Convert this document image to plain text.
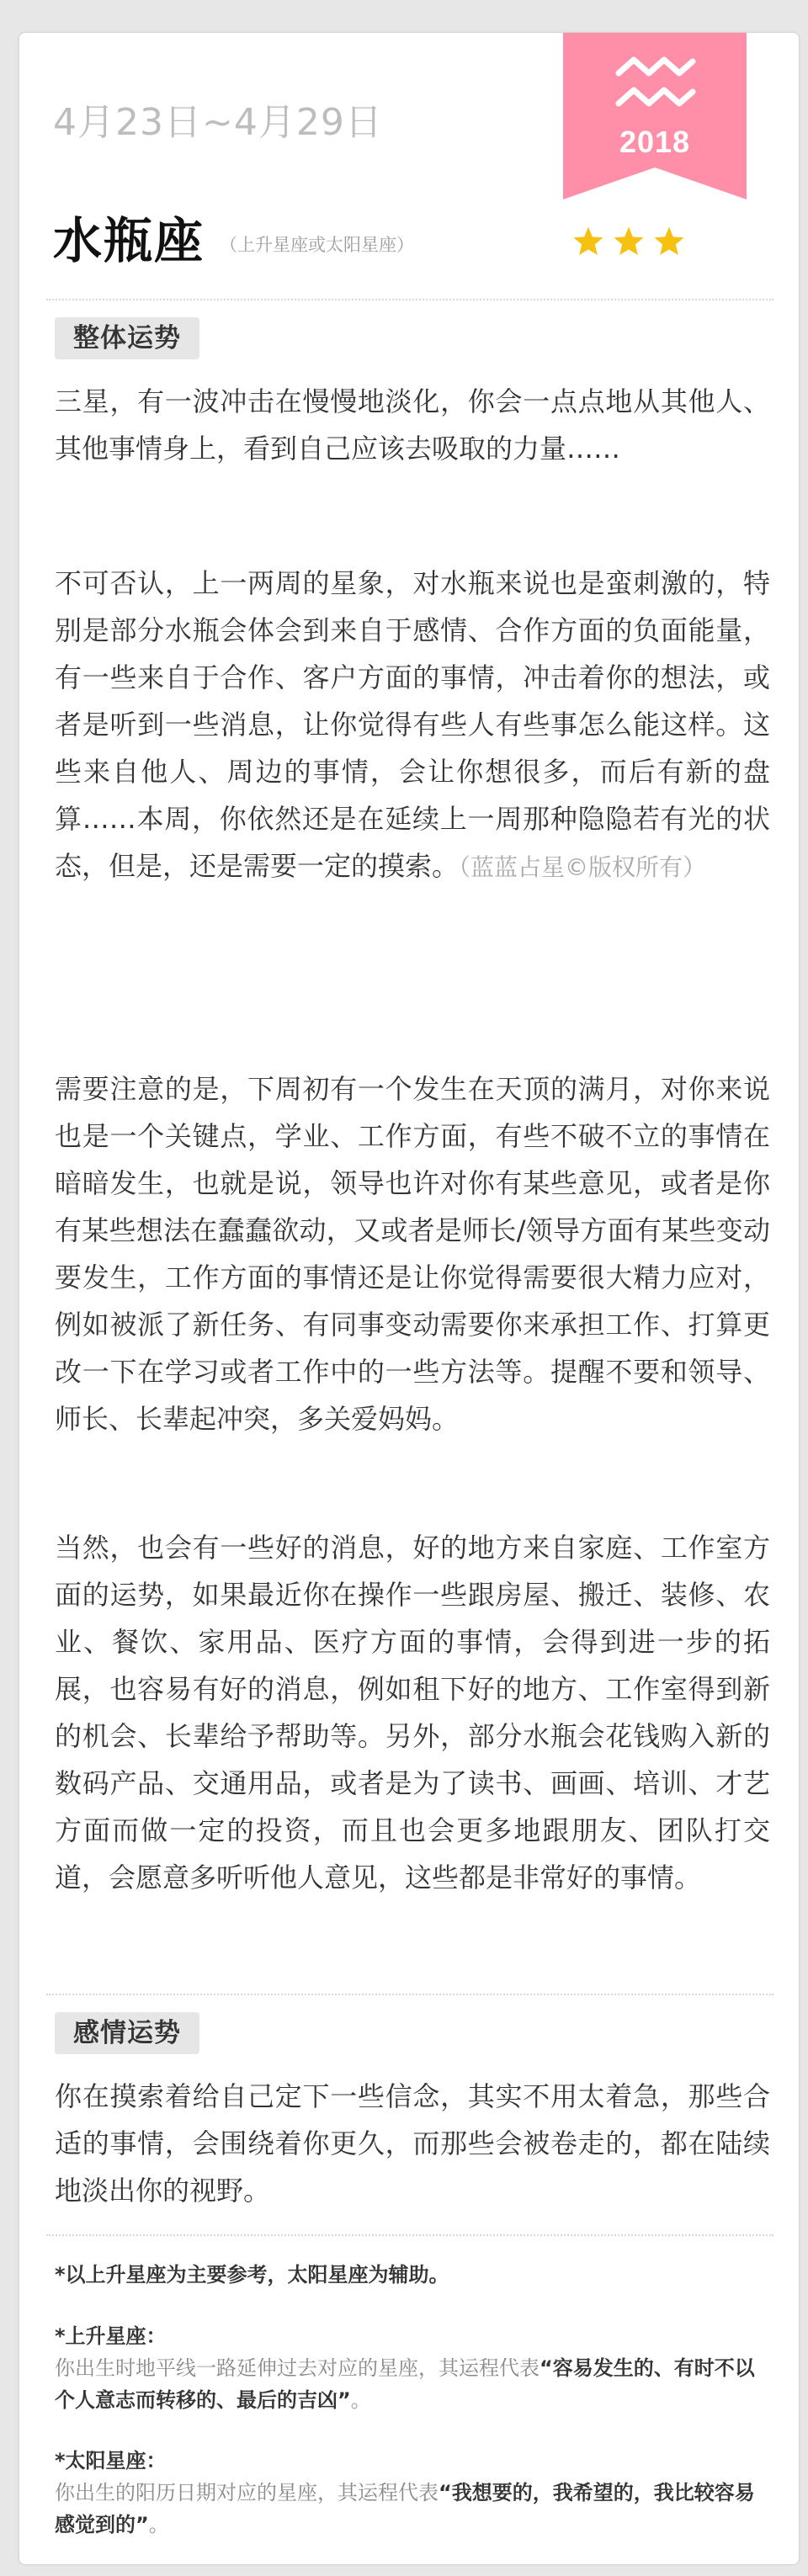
2018
4月23日~4月29日
水瓶座 （上升星座或太阳星座）
整体运势

三星，有一波冲击在慢慢地淡化，你会一点点地从其他人、其他事情身上，看到自己应该去吸取的力量……

不可否认，上一两周的星象，对水瓶来说也是蛮刺激的，特别是部分水瓶会体会到来自于感情、合作方面的负面能量，有一些来自于合作、客户方面的事情，冲击着你的想法，或者是听到一些消息，让你觉得有些人有些事怎么能这样。这些来自他人、周边的事情，会让你想很多，而后有新的盘算……本周，你依然还是在延续上一周那种隐隐若有光的状态，但是，还是需要一定的摸索。（蓝蓝占星©版权所有）

需要注意的是，下周初有一个发生在天顶的满月，对你来说也是一个关键点，学业、工作方面，有些不破不立的事情在暗暗发生，也就是说，领导也许对你有某些意见，或者是你有某些想法在蠢蠢欲动，又或者是师长/领导方面有某些变动要发生，工作方面的事情还是让你觉得需要很大精力应对，例如被派了新任务、有同事变动需要你来承担工作、打算更改一下在学习或者工作中的一些方法等。提醒不要和领导、师长、长辈起冲突，多关爱妈妈。

当然，也会有一些好的消息，好的地方来自家庭、工作室方面的运势，如果最近你在操作一些跟房屋、搬迁、装修、农业、餐饮、家用品、医疗方面的事情，会得到进一步的拓展，也容易有好的消息，例如租下好的地方、工作室得到新的机会、长辈给予帮助等。另外，部分水瓶会花钱购入新的数码产品、交通用品，或者是为了读书、画画、培训、才艺方面而做一定的投资，而且也会更多地跟朋友、团队打交道，会愿意多听听他人意见，这些都是非常好的事情。

感情运势

你在摸索着给自己定下一些信念，其实不用太着急，那些合适的事情，会围绕着你更久，而那些会被卷走的，都在陆续地淡出你的视野。

*以上升星座为主要参考，太阳星座为辅助。

*上升星座：

你出生时地平线一路延伸过去对应的星座，其运程代表“容易发生的、有时不以个人意志而转移的、最后的吉凶”。

*太阳星座：

你出生的阳历日期对应的星座，其运程代表“我想要的，我希望的，我比较容易感觉到的”。
